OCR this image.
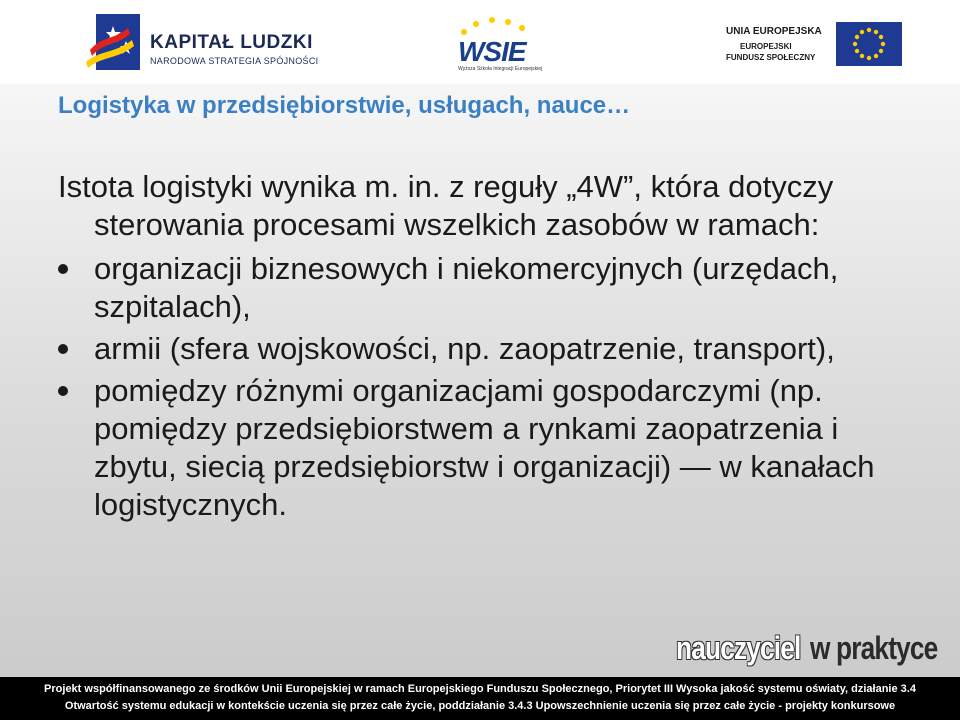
KAPITAŁ LUDZKI
NARODOWA STRATEGIA SPÓJNOŚCI	WSIE
Wyższa Szkoła Integracji Europejskiej
UNIA EUROPEJSKA
EUROPEJSKI
FUNDUSZ SPOŁECZNY
Logistyka w przedsiębiorstwie, usługach, nauce…

Istota logistyki wynika m. in. z reguły „4W”, która dotyczy sterowania procesami wszelkich zasobów w ramach:

organizacji biznesowych i niekomercyjnych (urzędach, szpitalach),
armii (sfera wojskowości, np. zaopatrzenie, transport),
pomiędzy różnymi organizacjami gospodarczymi (np. pomiędzy przedsiębiorstwem a rynkami zaopatrzenia i zbytu, siecią przedsiębiorstw i organizacji) — w kanałach logistycznych.
nauczyciel w praktyce
Projekt współfinansowanego ze środków Unii Europejskiej w ramach Europejskiego Funduszu Społecznego, Priorytet III Wysoka jakość systemu oświaty, działanie 3.4
Otwartość systemu edukacji w kontekście uczenia się przez całe życie, poddziałanie 3.4.3 Upowszechnienie uczenia się przez całe życie - projekty konkursowe
